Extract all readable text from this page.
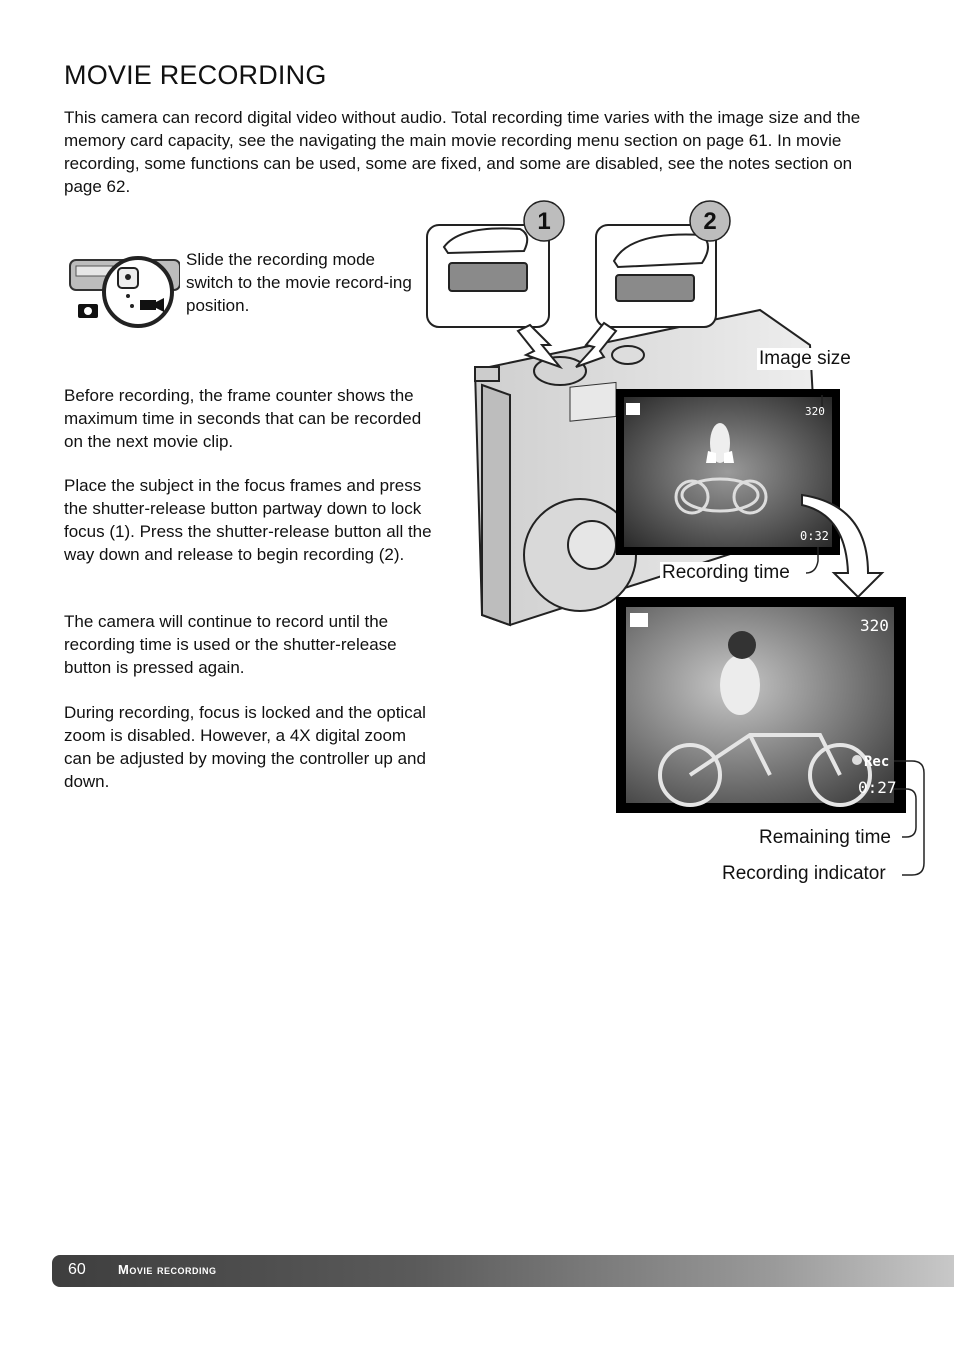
MOVIE RECORDING

This camera can record digital video without audio. Total recording time varies with the image size and the memory card capacity, see the navigating the main movie recording menu section on page 61. In movie recording, some functions can be used, some are fixed, and some are disabled, see the notes section on page 62.

Slide the recording mode switch to the movie record-ing position.

Before recording, the frame counter shows the maximum time in seconds that can be recorded on the next movie clip.

Place the subject in the focus frames and press the shutter-release button partway down to lock focus (1). Press the shutter-release button all the way down and release to begin recording (2).

The camera will continue to record until the recording time is used or the shutter-release button is pressed again.

During recording, focus is locked and the optical zoom is disabled. However, a 4X digital zoom can be adjusted by moving the controller up and down.

1	2
320
0:32
320
Rec
0:27
Image size
Recording time
Remaining time
Recording indicator
60 Movie recording
